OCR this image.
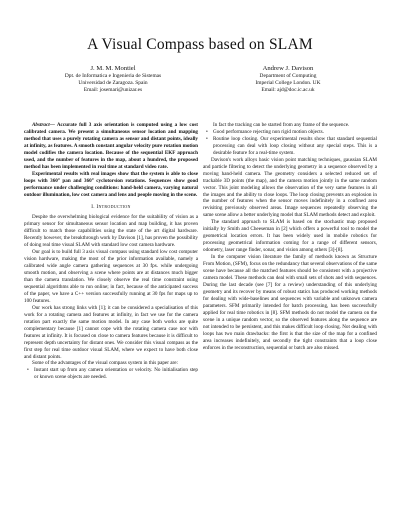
A Visual Compass based on SLAM
J. M. M. Montiel
Dpt. de Informatica e Ingenieria de Sistemas
Universidad de Zaragoza. Spain
Email: josemari@unizar.es
Andrew J. Davison
Department of Computing
Imperial College London. UK
Email: ajd@doc.ic.ac.uk

Abstract— Accurate full 3 axis orientation is computed using a low cost calibrated camera. We present a simultaneous sensor location and mapping method that uses a purely rotating camera as sensor and distant points, ideally at infinity, as features. A smooth constant angular velocity pure rotation motion model codifies the camera location. Because of the sequential EKF approach used, and the number of features in the map, about a hundred, the proposed method has been implemented in real time at standard video rate.

Experimental results with real images show that the system is able to close loops with 360° pan and 360° cyclotorsion rotations. Sequences show good performance under challenging conditions: hand-held camera, varying natural outdoor illumination, low cost camera and lens and people moving in the scene.

I. Introduction

Despite the overwhelming biological evidence for the suitability of vision as a primary sensor for simultaneous sensor location and map building, it has proven difficult to match those capabilities using the state of the art digital hardware. Recently however, the breakthrough work by Davison [1], has proven the possibility of doing real time visual SLAM with standard low cost camera hardware.

Our goal is to build full 3 axis visual compass using standard low cost computer vision hardware, making the most of the prior information available, namely a calibrated wide angle camera gathering sequences at 30 fps. while undergoing smooth motion, and observing a scene where points are at distances much bigger than the camera translation. We closely observe the real time constraint using sequential algorithms able to run online; in fact, because of the anticipated success of the paper, we have a C++ version successfully running at 30 fps for maps up to 100 features.

Our work has strong links with [1]; it can be considered a specialisation of this work for a rotating camera and features at infinity, in fact we use for the camera rotation part exactly the same motion model. In any case both works are quite complementary because [1] cannot cope with the rotating camera case nor with features at infinity. It is focused on close to camera features because it is difficult to represent depth uncertainty for distant ones. We consider this visual compass as the first step for real time outdoor visual SLAM, where we expect to have both close and distant points.

Some of the advantages of the visual compass system in this paper are:

• Instant start up from any camera orientation or velocity. No initialisation step or known scene objects are needed.

In fact the tracking can be started from any frame of the sequence.

• Good performance rejecting non rigid motion objects.
• Routine loop closing. Our experimental results show that standard sequential processing can deal with loop closing without any special steps. This is a desirable feature for a real-time system.

Davison's work alloys basic vision point matching techniques, gaussian SLAM and particle filtering to detect the underlying geometry in a sequence observed by a moving hand-held camera. The geometry considers a selected reduced set of trackable 3D points (the map), and the camera motion jointly in the same random vector. This joint modeling allows the observation of the very same features in all the images and the ability to close loops. The loop closing prevents an explosion in the number of features when the sensor moves indefinitely in a confined area revisiting previously observed areas. Image sequences repeatedly observing the same scene allow a better underlying model that SLAM methods detect and exploit.

The standard approach to SLAM is based on the stochastic map proposed initially by Smith and Cheeseman in [2] which offers a powerful tool to model the geometrical location errors. It has been widely used in mobile robotics for processing geometrical information coming for a range of different sensors, odometry, laser range finder, sonar, and vision among others [3]-[8].

In the computer vision literature the family of methods known as Structure From Motion, (SFM), focus on the redundancy that several observations of the same scene have because all the matched features should be consistent with a projective camera model. These methods can deal with small sets of shots and with sequences. During the last decade (see [7] for a review) understanding of this underlying geometry and its recover by means of robust statics has produced working methods for dealing with wide-baselines and sequences with variable and unknown camera parameters. SFM primarily intended for batch processing, has been successfully applied for real time robotics in [8]. SFM methods do not model the camera on the scene in a unique random vector, so the observed features along the sequence are not intended to be persistent, and this makes difficult loop closing. Not dealing with loops has two main drawbacks: the first is that the size of the map for a confined area increases indefinitely, and secondly the tight constraints that a loop close enforces in the reconstruction, sequential or batch are also missed.
